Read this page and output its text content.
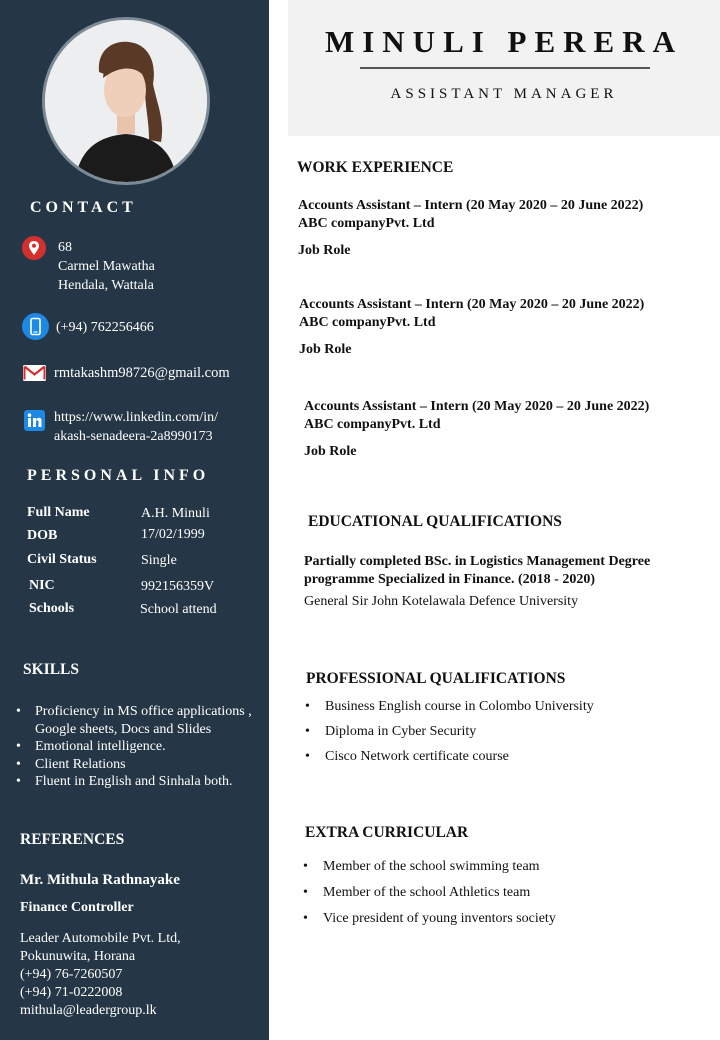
CONTACT
68
Carmel Mawatha
Hendala, Wattala
(+94) 762256466
rmtakashm98726@gmail.com
https://www.linkedin.com/in/
akash-senadeera-2a8990173
PERSONAL INFO
Full Name	A.H. Minuli
DOB	17/02/1999
Civil Status	Single
NIC	992156359V
Schools	School attend
SKILLS
• Proficiency in MS office applications , Google sheets, Docs and Slides
• Emotional intelligence.
• Client Relations
• Fluent in English and Sinhala both.
REFERENCES
Mr. Mithula Rathnayake
Finance Controller
Leader Automobile Pvt. Ltd,
Pokunuwita, Horana
(+94) 76-7260507
(+94) 71-0222008
mithula@leadergroup.lk
MINULI PERERA
ASSISTANT MANAGER
WORK EXPERIENCE
Accounts Assistant – Intern (20 May 2020 – 20 June 2022)
ABC companyPvt. Ltd
Job Role
Accounts Assistant – Intern (20 May 2020 – 20 June 2022)
ABC companyPvt. Ltd
Job Role
Accounts Assistant – Intern (20 May 2020 – 20 June 2022)
ABC companyPvt. Ltd
Job Role
EDUCATIONAL QUALIFICATIONS
Partially completed BSc. in Logistics Management Degree
programme Specialized in Finance. (2018 - 2020)
General Sir John Kotelawala Defence University
PROFESSIONAL QUALIFICATIONS
• Business English course in Colombo University
• Diploma in Cyber Security
• Cisco Network certificate course
EXTRA CURRICULAR
• Member of the school swimming team
• Member of the school Athletics team
• Vice president of young inventors society
